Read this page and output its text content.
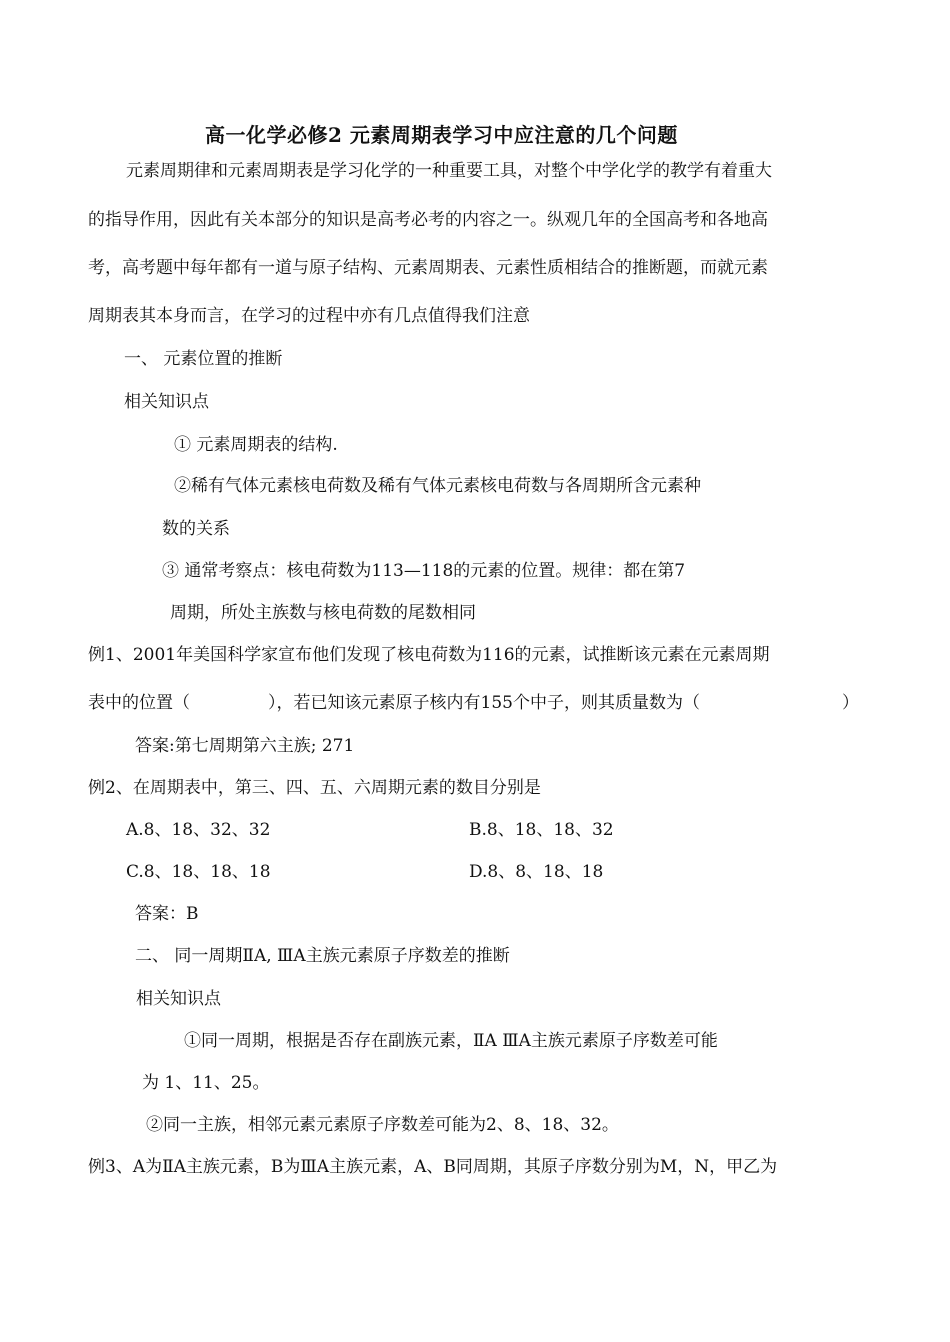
高一化学必修2 元素周期表学习中应注意的几个问题
元素周期律和元素周期表是学习化学的一种重要工具，对整个中学化学的教学有着重大
的指导作用，因此有关本部分的知识是高考必考的内容之一。纵观几年的全国高考和各地高
考，高考题中每年都有一道与原子结构、元素周期表、元素性质相结合的推断题，而就元素
周期表其本身而言，在学习的过程中亦有几点值得我们注意
一、 元素位置的推断
相关知识点
① 元素周期表的结构.
②稀有气体元素核电荷数及稀有气体元素核电荷数与各周期所含元素种
数的关系
③ 通常考察点：核电荷数为113—118的元素的位置。规律：都在第7
周期，所处主族数与核电荷数的尾数相同
例1、2001年美国科学家宣布他们发现了核电荷数为116的元素，试推断该元素在元素周期
表中的位置（	），若已知该元素原子核内有155个中子，则其质量数为（	）
答案:第七周期第六主族; 271
例2、在周期表中，第三、四、五、六周期元素的数目分别是
A.8、18、32、32	B.8、18、18、32
C.8、18、18、18	D.8、8、18、18
答案：B
二、 同一周期ⅡA, ⅢA主族元素原子序数差的推断
相关知识点
①同一周期，根据是否存在副族元素，ⅡA ⅢA主族元素原子序数差可能
为 1、11、25。
②同一主族，相邻元素元素原子序数差可能为2、8、18、32。
例3、A为ⅡA主族元素，B为ⅢA主族元素，A、B同周期，其原子序数分别为M，N，甲乙为
